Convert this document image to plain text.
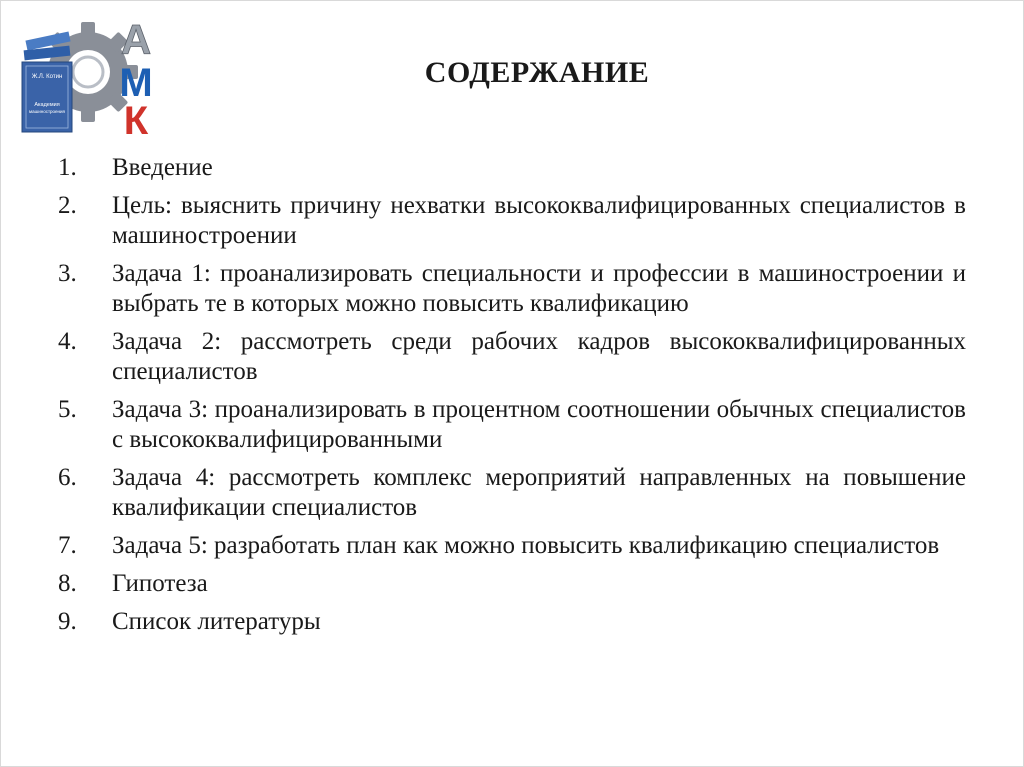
Ж.Л. Котин
Академия
машиностроения
А
М
К
СОДЕРЖАНИЕ
1.	Введение
2.	Цель: выяснить причину нехватки высококвалифицированных специалистов в машиностроении
3.	Задача 1: проанализировать специальности и профессии в машиностроении и выбрать те в которых можно повысить квалификацию
4.	Задача 2: рассмотреть среди рабочих кадров высококвалифицированных специалистов
5.	Задача 3: проанализировать в процентном соотношении обычных специалистов с высококвалифицированными
6.	Задача 4: рассмотреть комплекс мероприятий направленных на повышение квалификации специалистов
7.	Задача 5: разработать план как можно повысить квалификацию специалистов
8.	Гипотеза
9.	Список литературы
